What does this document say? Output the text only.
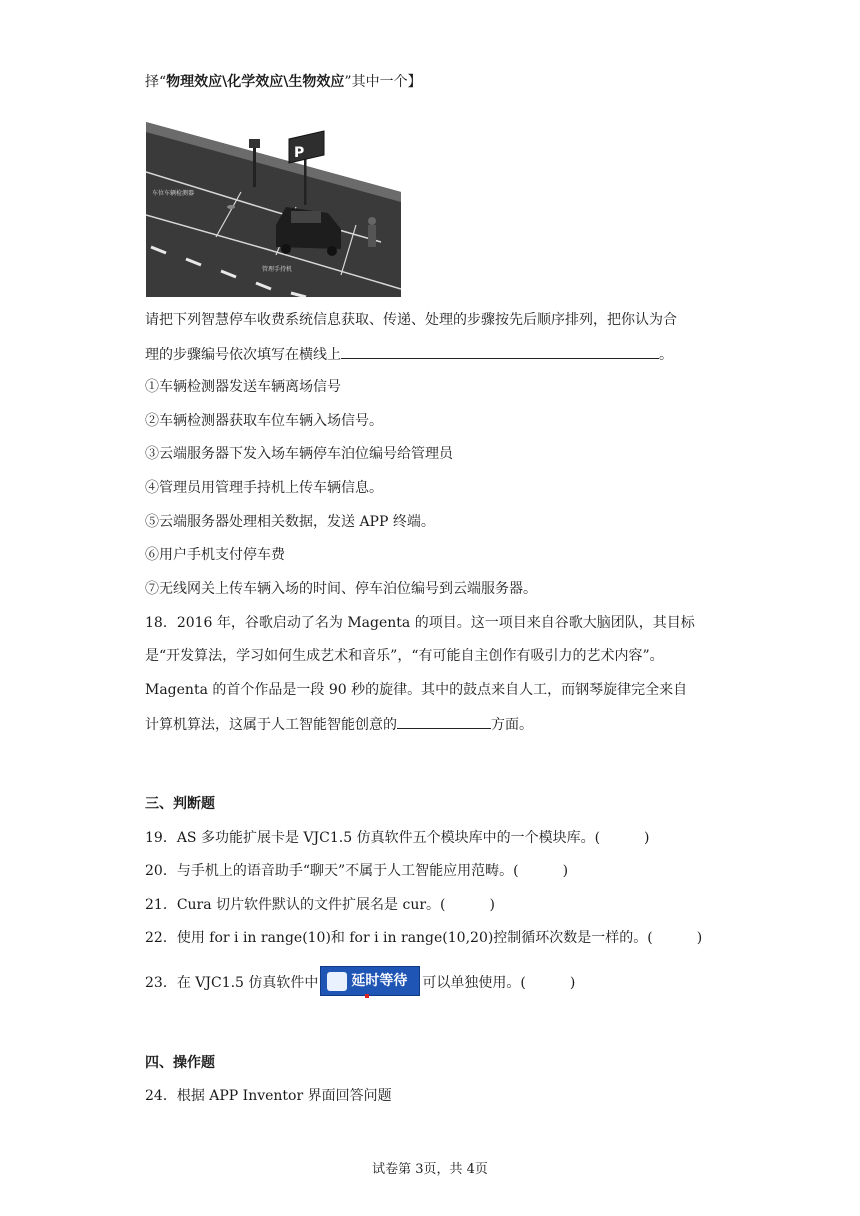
择“物理效应\化学效应\生物效应”其中一个】
P
车位车辆检测器
管理手持机
请把下列智慧停车收费系统信息获取、传递、处理的步骤按先后顺序排列，把你认为合
理的步骤编号依次填写在横线上	。
①车辆检测器发送车辆离场信号
②车辆检测器获取车位车辆入场信号。
③云端服务器下发入场车辆停车泊位编号给管理员
④管理员用管理手持机上传车辆信息。
⑤云端服务器处理相关数据，发送 APP 终端。
⑥用户手机支付停车费
⑦无线网关上传车辆入场的时间、停车泊位编号到云端服务器。
18．2016 年，谷歌启动了名为 Magenta 的项目。这一项目来自谷歌大脑团队，其目标
是“开发算法，学习如何生成艺术和音乐”，“有可能自主创作有吸引力的艺术内容”。
Magenta 的首个作品是一段 90 秒的旋律。其中的鼓点来自人工，而钢琴旋律完全来自
计算机算法，这属于人工智能智能创意的	方面。
三、判断题
19．AS 多功能扩展卡是 VJC1.5 仿真软件五个模块库中的一个模块库。(	)
20．与手机上的语音助手“聊天”不属于人工智能应用范畴。(	)
21．Cura 切片软件默认的文件扩展名是 cur。(	)
22．使用 for i in range(10)和 for i in range(10,20)控制循环次数是一样的。(	)
23．在 VJC1.5 仿真软件中 延时等待 可以单独使用。(	)
四、操作题
24．根据 APP Inventor 界面回答问题
试卷第 3页，共 4页
